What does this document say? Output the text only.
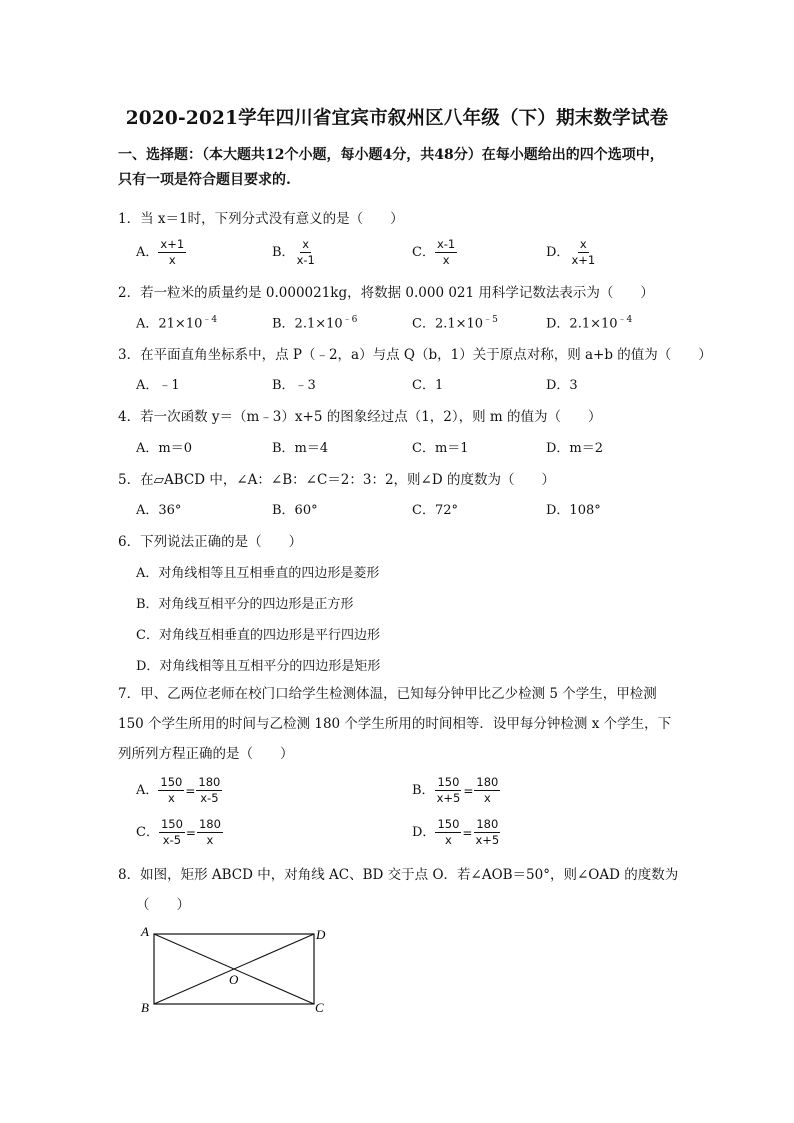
2020-2021学年四川省宜宾市叙州区八年级（下）期末数学试卷
一、选择题：（本大题共12个小题，每小题4分，共48分）在每小题给出的四个选项中，
只有一项是符合题目要求的.
1．当 x＝1时，下列分式没有意义的是（　　）
A． $\frac{x+1}{x}$	B． $\frac{x}{x-1}$	C． $\frac{x-1}{x}$	D． $\frac{x}{x+1}$
2．若一粒米的质量约是 0.000021kg，将数据 0.000 021 用科学记数法表示为（　　）
A．$21\times 10^{﹣4}$	B．$2.1\times 10^{﹣6}$	C．$2.1\times 10^{﹣5}$	D．$2.1\times 10^{﹣4}$
3．在平面直角坐标系中，点 P（﹣2，a）与点 Q（b，1）关于原点对称，则 a+b 的值为（　　）
A．﹣1	B．﹣3	C．1	D．3
4．若一次函数 y＝（m﹣3）x+5 的图象经过点（1，2），则 m 的值为（　　）
A．m＝0	B．m＝4	C．m＝1	D．m＝2
5．在▱ABCD 中，∠A：∠B：∠C＝2：3：2，则∠D 的度数为（　　）
A．36°	B．60°	C．72°	D．108°
6．下列说法正确的是（　　）
A．对角线相等且互相垂直的四边形是菱形
B．对角线互相平分的四边形是正方形
C．对角线互相垂直的四边形是平行四边形
D．对角线相等且互相平分的四边形是矩形
7．甲、乙两位老师在校门口给学生检测体温，已知每分钟甲比乙少检测 5 个学生，甲检测 150 个学生所用的时间与乙检测 180 个学生所用的时间相等．设甲每分钟检测 x 个学生，下列所列方程正确的是（　　）
A． $\frac{150}{x} = \frac{180}{x-5}$	B． $\frac{150}{x+5} = \frac{180}{x}$
C． $\frac{150}{x-5} = \frac{180}{x}$	D． $\frac{150}{x} = \frac{180}{x+5}$
8．如图，矩形 ABCD 中，对角线 AC、BD 交于点 O．若∠AOB＝50°，则∠OAD 的度数为
（　　）
A	D
B	C
O
